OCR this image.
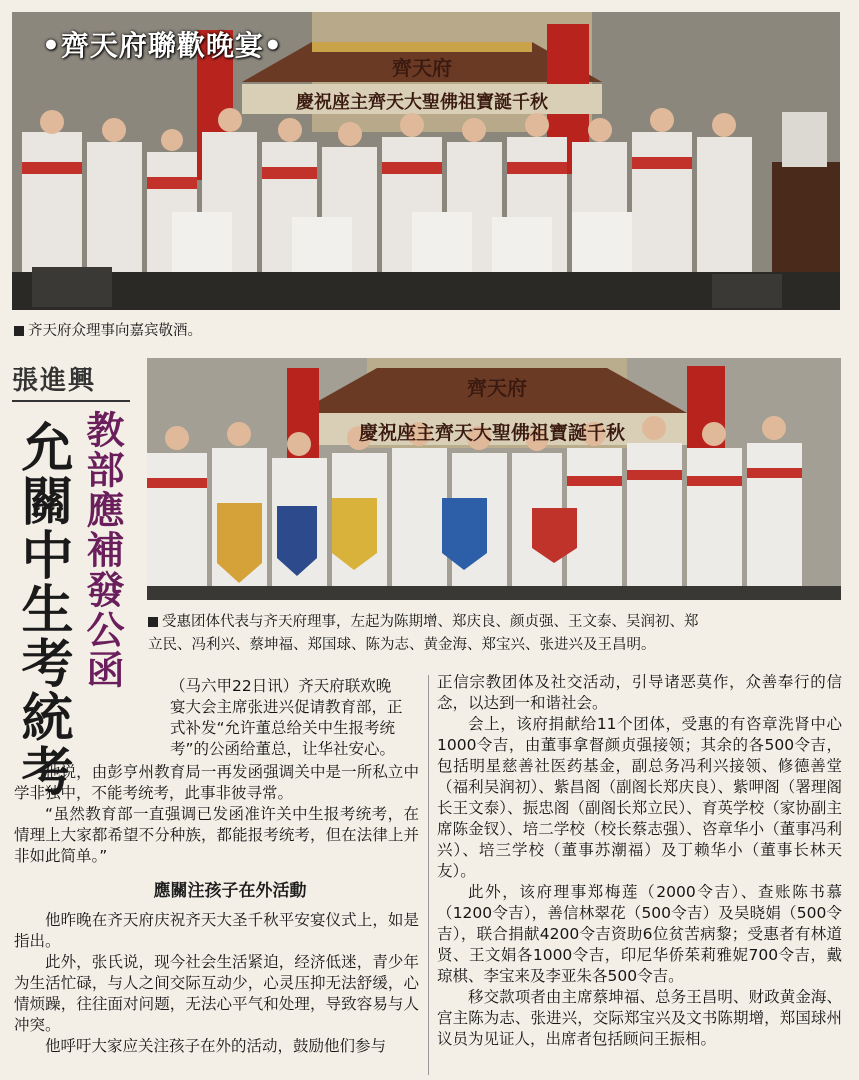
•齊天府聯歡晚宴•
齊天府
慶祝座主齊天大聖佛祖寶誕千秋
齐天府众理事向嘉宾敬酒。
張進興
允關中生考統考 教部應補發公函
齊天府
慶祝座主齊天大聖佛祖寶誕千秋
受惠团体代表与齐天府理事，左起为陈期增、郑庆良、颜贞强、王文泰、吴润初、郑
立民、冯利兴、蔡坤福、郑国球、陈为志、黄金海、郑宝兴、张进兴及王昌明。
（马六甲22日讯）齐天府联欢晚
宴大会主席张进兴促请教育部，正
式补发“允许董总给关中生报考统
考”的公函给董总，让华社安心。

他说，由彭亨州教育局一再发函强调关中是一所私立中学非独中，不能考统考，此事非彼寻常。

“虽然教育部一直强调已发函准许关中生报考统考，在情理上大家都希望不分种族，都能报考统考，但在法律上并非如此简单。”

應關注孩子在外活動

他昨晚在齐天府庆祝齐天大圣千秋平安宴仪式上，如是指出。

此外，张氏说，现今社会生活紧迫，经济低迷，青少年为生活忙碌，与人之间交际互动少，心灵压抑无法舒缓，心情烦躁，往往面对问题，无法心平气和处理，导致容易与人冲突。

他呼吁大家应关注孩子在外的活动，鼓励他们参与

正信宗教团体及社交活动，引导诸恶莫作，众善奉行的信念，以达到一和谐社会。

会上，该府捐献给11个团体，受惠的有咨章洗肾中心1000令吉，由董事拿督颜贞强接领；其余的各500令吉，包括明星慈善社医药基金，副总务冯利兴接领、修德善堂（福利吴润初）、紫昌阁（副阁长郑庆良）、紫呷阁（署理阁长王文泰）、振忠阁（副阁长郑立民）、育英学校（家协副主席陈金钗）、培二学校（校长蔡志强）、咨章华小（董事冯利兴）、培三学校（董事苏潮福）及丁赖华小（董事长林天友）。

此外，该府理事郑梅莲（2000令吉）、查账陈书慕（1200令吉），善信林翠花（500令吉）及吴晓娟（500令吉），联合捐献4200令吉资助6位贫苦病黎；受惠者有林道贤、王文娟各1000令吉，印尼华侨茱莉雅妮700令吉，戴琼棋、李宝来及李亚朱各500令吉。

移交款项者由主席蔡坤福、总务王昌明、财政黄金海、宫主陈为志、张进兴，交际郑宝兴及文书陈期增，郑国球州议员为见证人，出席者包括顾问王振相。
